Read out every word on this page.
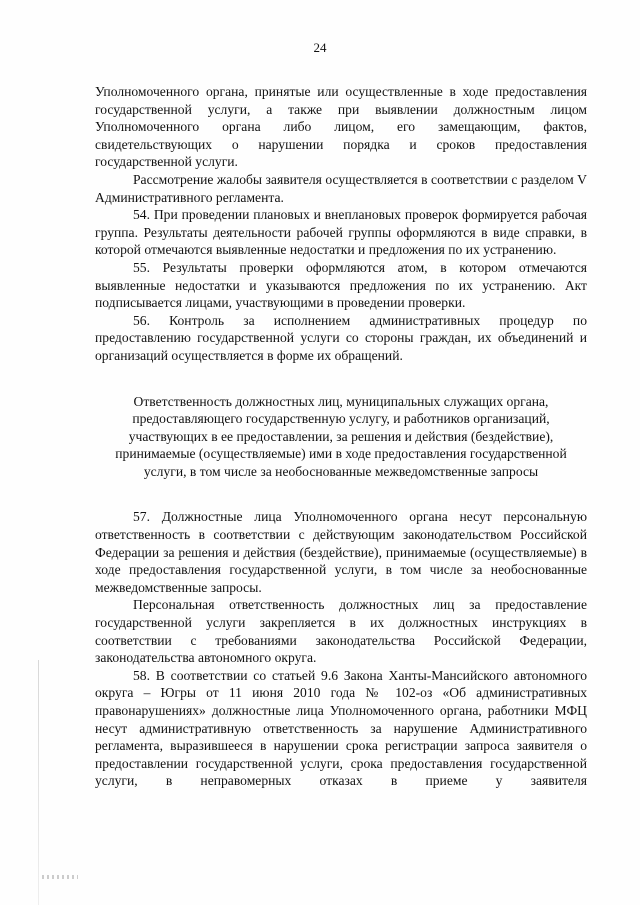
24

Уполномоченного органа, принятые или осуществленные в ходе предоставления государственной услуги, а также при выявлении должностным лицом Уполномоченного органа либо лицом, его замещающим, фактов, свидетельствующих о нарушении порядка и сроков предоставления государственной услуги.

Рассмотрение жалобы заявителя осуществляется в соответствии с разделом V Административного регламента.

54. При проведении плановых и внеплановых проверок формируется рабочая группа. Результаты деятельности рабочей группы оформляются в виде справки, в которой отмечаются выявленные недостатки и предложения по их устранению.

55. Результаты проверки оформляются атом, в котором отмечаются выявленные недостатки и указываются предложения по их устранению. Акт подписывается лицами, участвующими в проведении проверки.

56. Контроль за исполнением административных процедур по предоставлению государственной услуги со стороны граждан, их объединений и организаций осуществляется в форме их обращений.

Ответственность должностных лиц, муниципальных служащих органа, предоставляющего государственную услугу, и работников организаций, участвующих в ее предоставлении, за решения и действия (бездействие), принимаемые (осуществляемые) ими в ходе предоставления государственной услуги, в том числе за необоснованные межведомственные запросы

57. Должностные лица Уполномоченного органа несут персональную ответственность в соответствии с действующим законодательством Российской Федерации за решения и действия (бездействие), принимаемые (осуществляемые) в ходе предоставления государственной услуги, в том числе за необоснованные межведомственные запросы.

Персональная ответственность должностных лиц за предоставление государственной услуги закрепляется в их должностных инструкциях в соответствии с требованиями законодательства Российской Федерации, законодательства автономного округа.

58. В соответствии со статьей 9.6 Закона Ханты-Мансийского автономного округа – Югры от 11 июня 2010 года № 102-оз «Об административных правонарушениях» должностные лица Уполномоченного органа, работники МФЦ несут административную ответственность за нарушение Административного регламента, выразившееся в нарушении срока регистрации запроса заявителя о предоставлении государственной услуги, срока предоставления государственной услуги, в неправомерных отказах в приеме у заявителя
